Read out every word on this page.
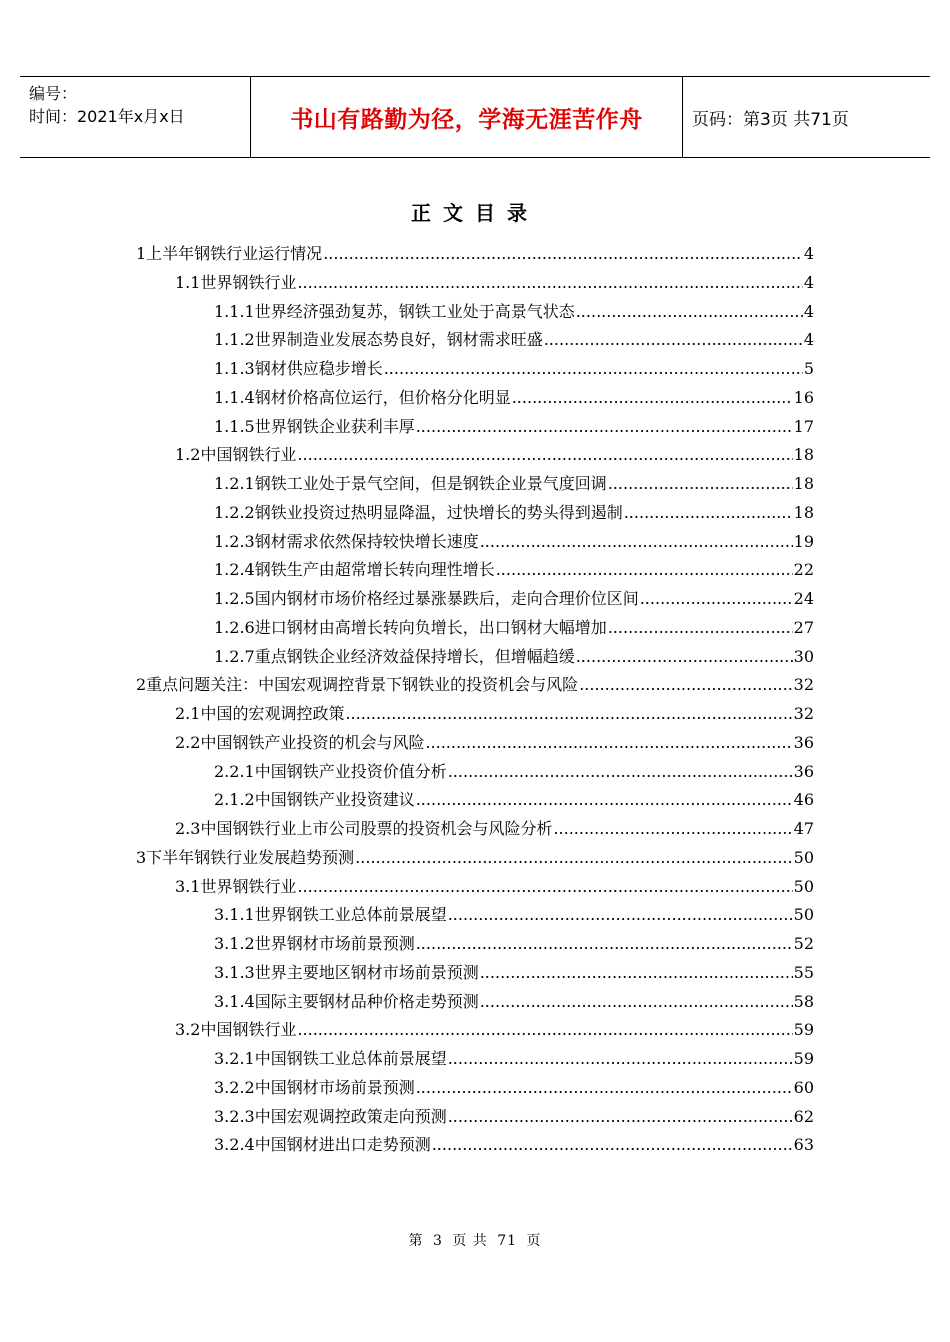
编号：
时间：2021年x月x日	书山有路勤为径，学海无涯苦作舟	页码：第3页 共71页
正文目录
1上半年钢铁行业运行情况 .....	4
1.1世界钢铁行业 .....	4
1.1.1世界经济强劲复苏，钢铁工业处于高景气状态 .....	4
1.1.2世界制造业发展态势良好，钢材需求旺盛 .....	4
1.1.3钢材供应稳步增长 .....	5
1.1.4钢材价格高位运行，但价格分化明显 .....	16
1.1.5世界钢铁企业获利丰厚 .....	17
1.2中国钢铁行业 .....	18
1.2.1钢铁工业处于景气空间，但是钢铁企业景气度回调 .....	18
1.2.2钢铁业投资过热明显降温，过快增长的势头得到遏制 .....	18
1.2.3钢材需求依然保持较快增长速度 .....	19
1.2.4钢铁生产由超常增长转向理性增长 .....	22
1.2.5国内钢材市场价格经过暴涨暴跌后，走向合理价位区间 .....	24
1.2.6进口钢材由高增长转向负增长，出口钢材大幅增加 .....	27
1.2.7重点钢铁企业经济效益保持增长，但增幅趋缓 .....	30
2重点问题关注：中国宏观调控背景下钢铁业的投资机会与风险 .....	32
2.1中国的宏观调控政策 .....	32
2.2中国钢铁产业投资的机会与风险 .....	36
2.2.1中国钢铁产业投资价值分析 .....	36
2.1.2中国钢铁产业投资建议 .....	46
2.3中国钢铁行业上市公司股票的投资机会与风险分析 .....	47
3下半年钢铁行业发展趋势预测 .....	50
3.1世界钢铁行业 .....	50
3.1.1世界钢铁工业总体前景展望 .....	50
3.1.2世界钢材市场前景预测 .....	52
3.1.3世界主要地区钢材市场前景预测 .....	55
3.1.4国际主要钢材品种价格走势预测 .....	58
3.2中国钢铁行业 .....	59
3.2.1中国钢铁工业总体前景展望 .....	59
3.2.2中国钢材市场前景预测 .....	60
3.2.3中国宏观调控政策走向预测 .....	62
3.2.4中国钢材进出口走势预测 .....	63
第 3 页 共 71 页
